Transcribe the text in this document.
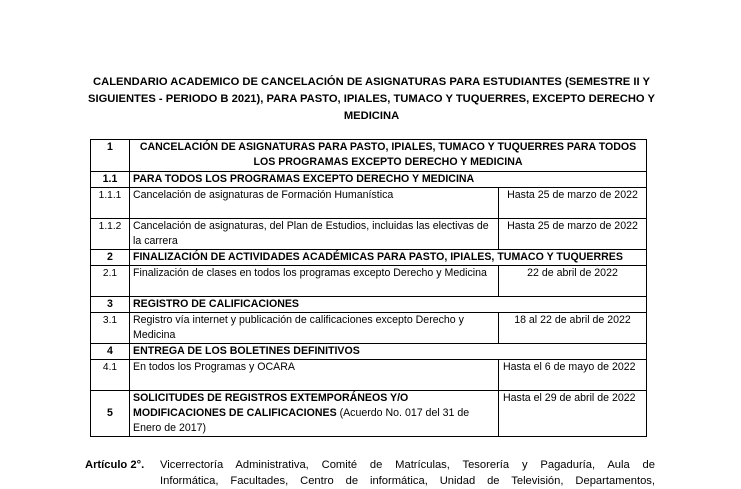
CALENDARIO ACADEMICO DE CANCELACIÓN DE ASIGNATURAS PARA ESTUDIANTES (SEMESTRE II Y
SIGUIENTES - PERIODO B 2021), PARA PASTO, IPIALES, TUMACO Y TUQUERRES, EXCEPTO DERECHO Y
MEDICINA
1	CANCELACIÓN DE ASIGNATURAS PARA PASTO, IPIALES, TUMACO Y TUQUERRES PARA TODOS LOS PROGRAMAS EXCEPTO DERECHO Y MEDICINA	
1.1	PARA TODOS LOS PROGRAMAS EXCEPTO DERECHO Y MEDICINA	
1.1.1	Cancelación de asignaturas de Formación Humanística	Hasta 25 de marzo de 2022
1.1.2	Cancelación de asignaturas, del Plan de Estudios, incluidas las electivas de la carrera	Hasta 25 de marzo de 2022
2	FINALIZACIÓN DE ACTIVIDADES ACADÉMICAS PARA PASTO, IPIALES, TUMACO Y TUQUERRES	
2.1	Finalización de clases en todos los programas excepto Derecho y Medicina	22 de abril de 2022
3	REGISTRO DE CALIFICACIONES	
3.1	Registro vía internet y publicación de calificaciones excepto Derecho y Medicina	18 al 22 de abril de 2022
4	ENTREGA DE LOS BOLETINES DEFINITIVOS	
4.1	En todos los Programas y OCARA	Hasta el 6 de mayo de 2022
5	SOLICITUDES DE REGISTROS EXTEMPORÁNEOS Y/O MODIFICACIONES DE CALIFICACIONES (Acuerdo No. 017 del 31 de Enero de 2017)	Hasta el 29 de abril de 2022
Artículo 2°.	Vicerrectoría Administrativa, Comité de Matrículas, Tesorería y Pagaduría, Aula de
Informática, Facultades, Centro de informática, Unidad de Televisión, Departamentos,
